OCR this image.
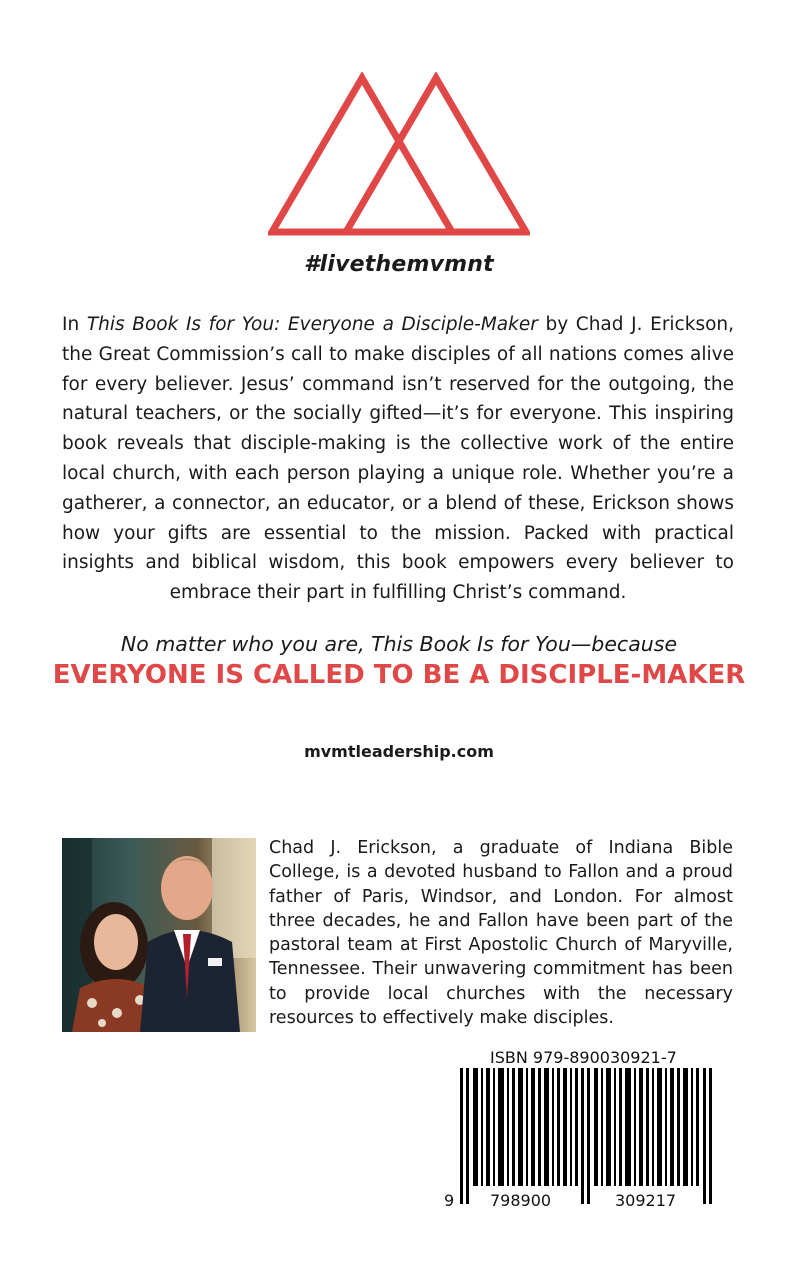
#livethemvmnt
In This Book Is for You: Everyone a Disciple-Maker by Chad J. Erickson, the Great Commission’s call to make disciples of all nations comes alive for every believer. Jesus’ command isn’t reserved for the outgoing, the natural teachers, or the socially gifted—it’s for everyone. This inspiring book reveals that disciple-making is the collective work of the entire local church, with each person playing a unique role. Whether you’re a gatherer, a connector, an educator, or a blend of these, Erickson shows how your gifts are essential to the mission. Packed with practical insights and biblical wisdom, this book empowers every believer to embrace their part in fulfilling Christ’s command.
No matter who you are, This Book Is for You—because
EVERYONE IS CALLED TO BE A DISCIPLE-MAKER
mvmtleadership.com
Chad J. Erickson, a graduate of Indiana Bible College, is a devoted husband to Fallon and a proud father of Paris, Windsor, and London. For almost three decades, he and Fallon have been part of the pastoral team at First Apostolic Church of Maryville, Tennessee. Their unwavering commitment has been to provide local churches with the necessary resources to effectively make disciples.
ISBN 979-890030921-7
9 798900	309217
